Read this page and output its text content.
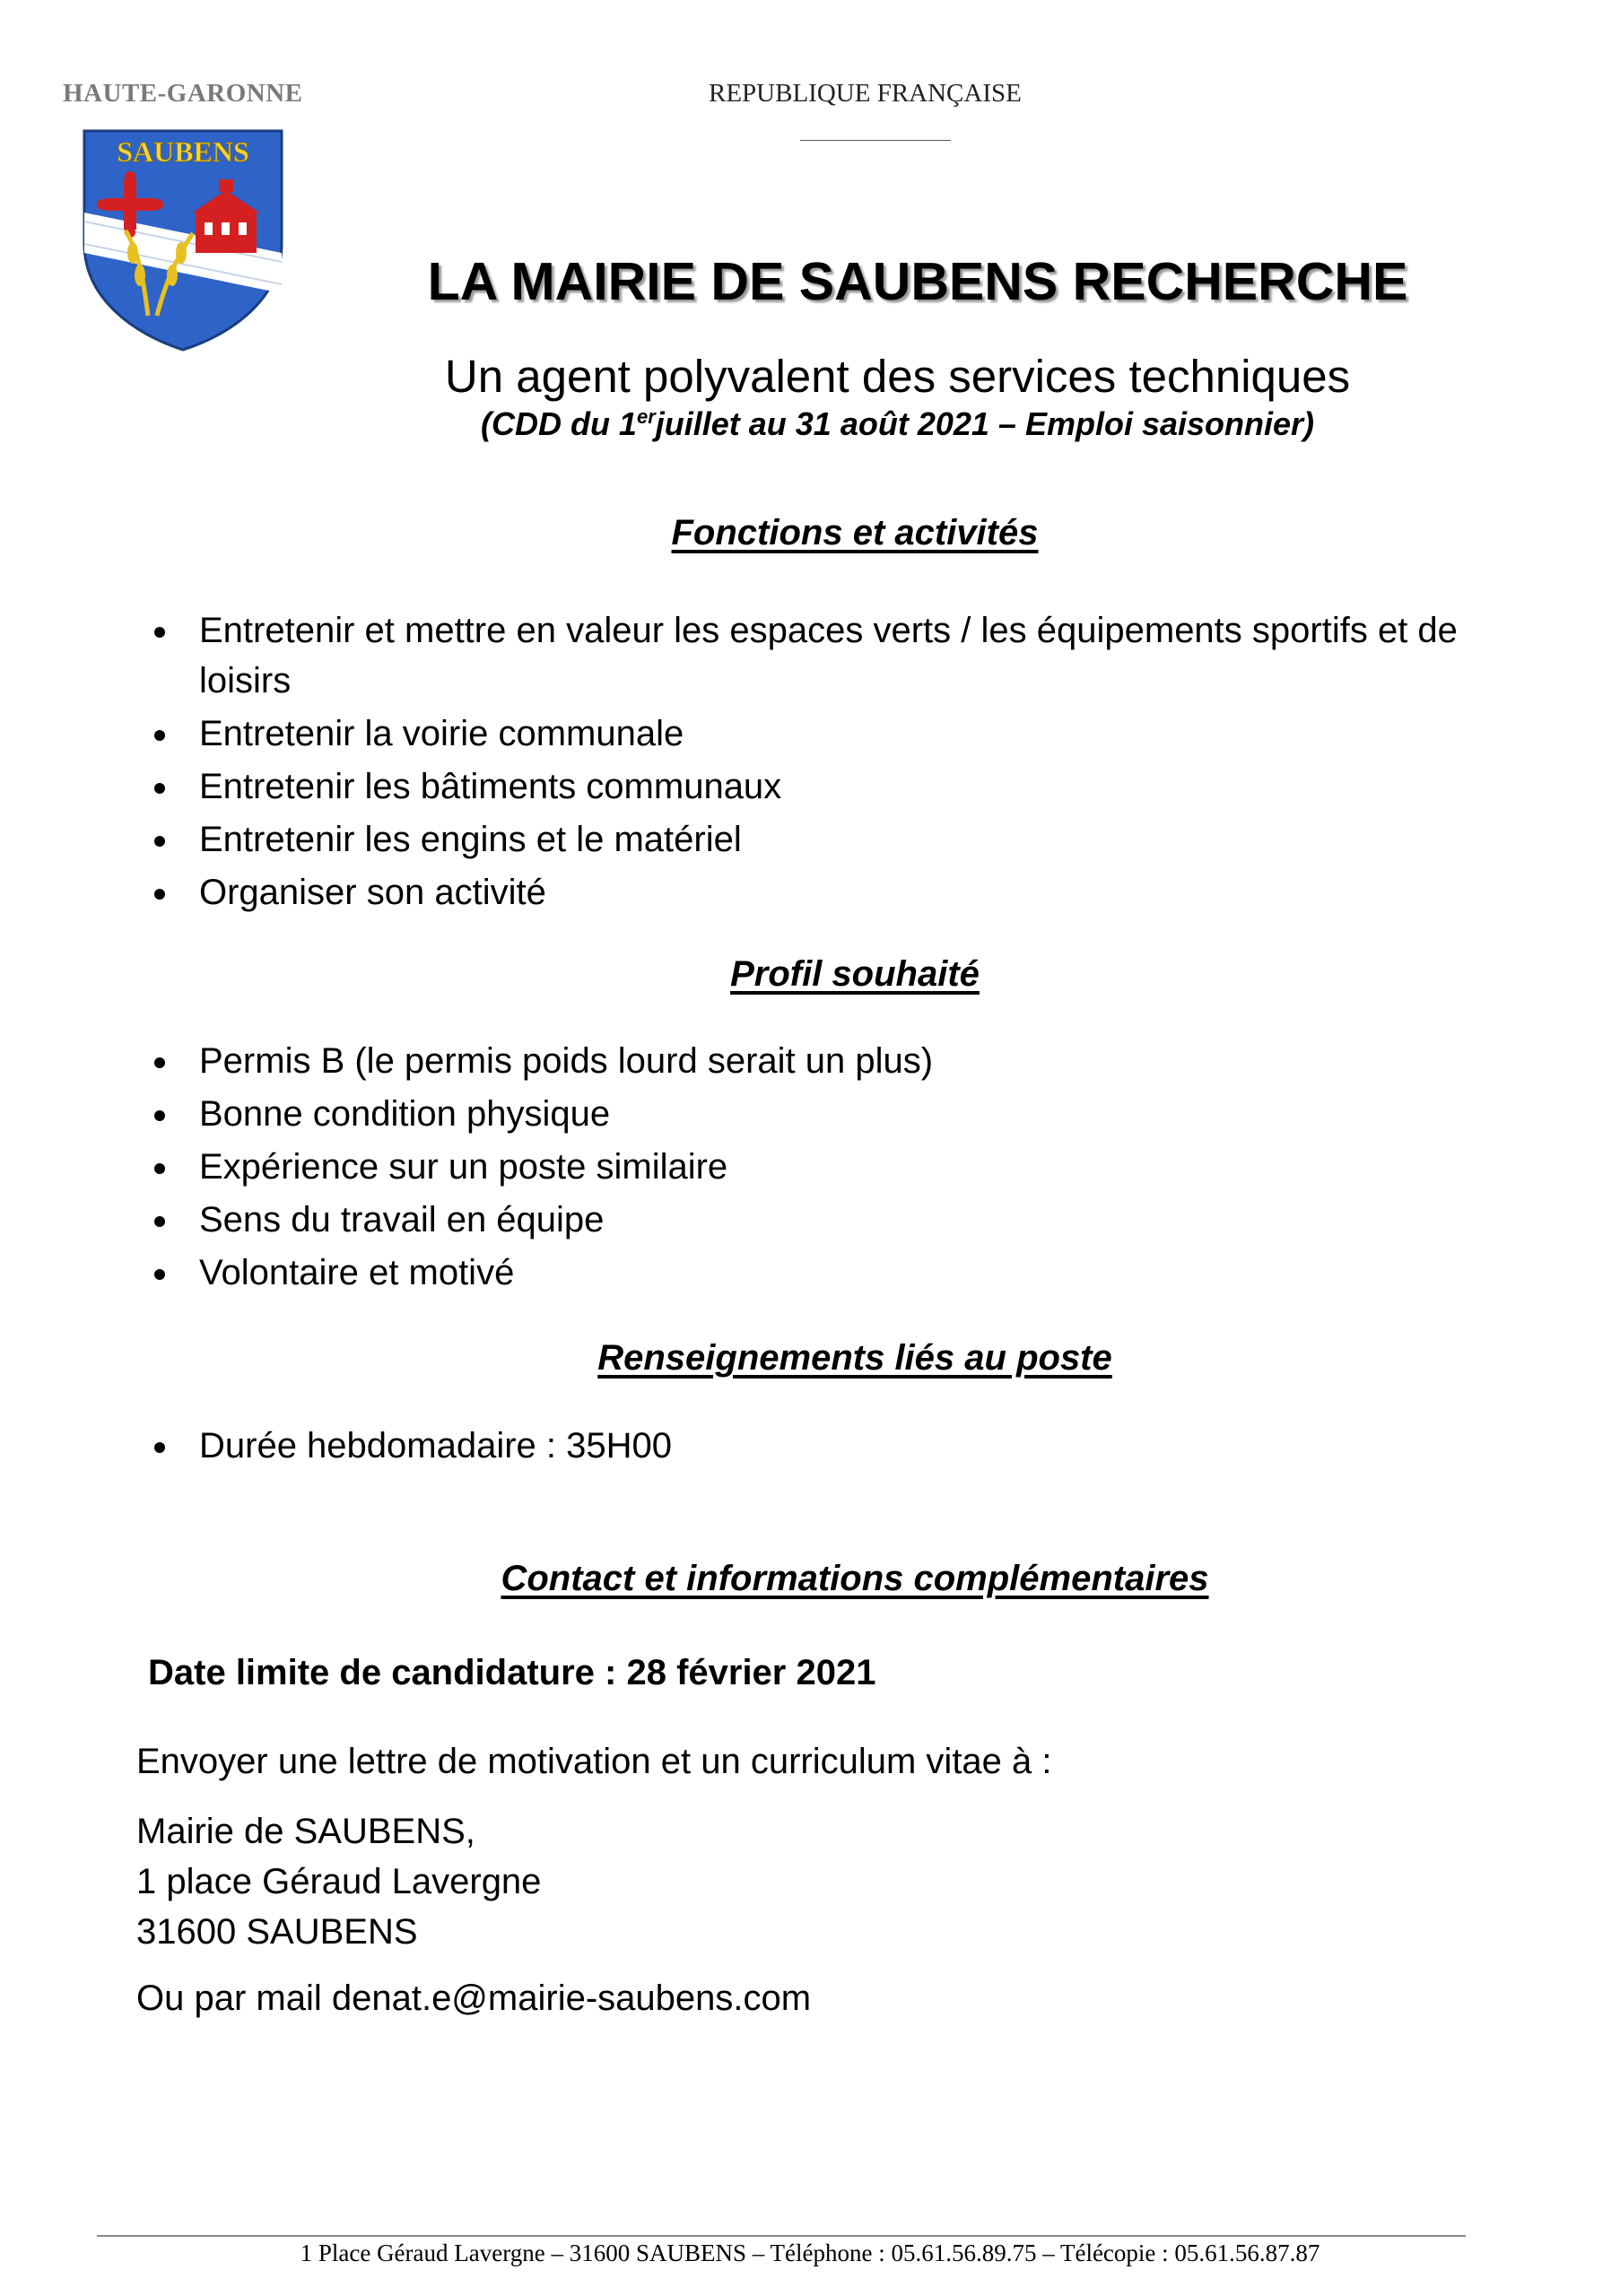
HAUTE-GARONNE	REPUBLIQUE FRANÇAISE
SAUBENS
LA MAIRIE DE SAUBENS RECHERCHE
Un agent polyvalent des services techniques
(CDD du 1erjuillet au 31 août 2021 – Emploi saisonnier)
Fonctions et activités
Entretenir et mettre en valeur les espaces verts / les équipements sportifs et de loisirs
Entretenir la voirie communale
Entretenir les bâtiments communaux
Entretenir les engins et le matériel
Organiser son activité
Profil souhaité
Permis B (le permis poids lourd serait un plus)
Bonne condition physique
Expérience sur un poste similaire
Sens du travail en équipe
Volontaire et motivé
Renseignements liés au poste
Durée hebdomadaire : 35H00
Contact et informations complémentaires
Date limite de candidature : 28 février 2021
Envoyer une lettre de motivation et un curriculum vitae à :
Mairie de SAUBENS,
1 place Géraud Lavergne
31600 SAUBENS
Ou par mail denat.e@mairie-saubens.com
1 Place Géraud Lavergne – 31600 SAUBENS – Téléphone : 05.61.56.89.75 – Télécopie : 05.61.56.87.87
